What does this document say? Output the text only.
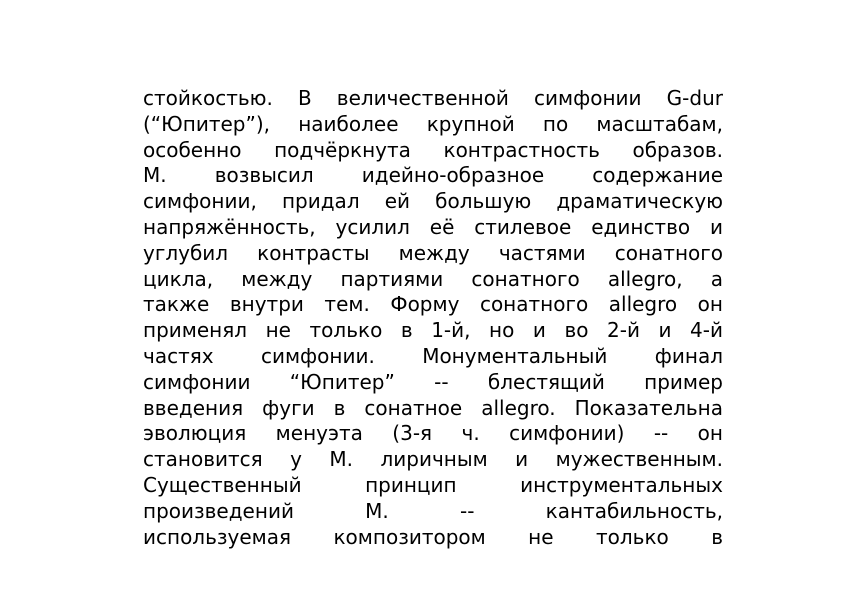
стойкостью. В величественной симфонии G-dur
(“Юпитер”), наиболее крупной по масштабам,
особенно подчёркнута контрастность образов.
М. возвысил идейно-образное содержание
симфонии, придал ей большую драматическую
напряжённость, усилил её стилевое единство и
углубил контрасты между частями сонатного
цикла, между партиями сонатного allegro, а
также внутри тем. Форму сонатного allegro он
применял не только в 1-й, но и во 2-й и 4-й
частях симфонии. Монументальный финал
симфонии “Юпитер” -- блестящий пример
введения фуги в сонатное allegro. Показательна
эволюция менуэта (3-я ч. симфонии) -- он
становится у М. лиричным и мужественным.
Существенный принцип инструментальных
произведений М. -- кантабильность,
используемая композитором не только в
